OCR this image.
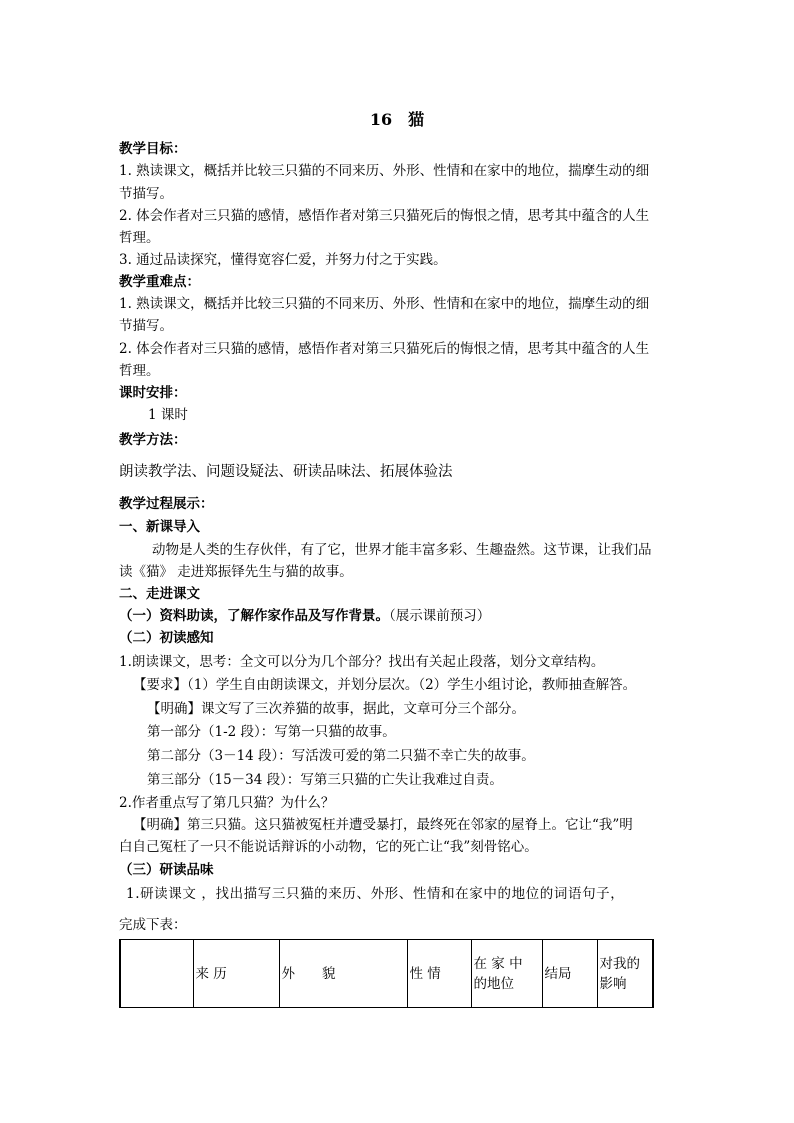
16 猫
教学目标：
1. 熟读课文，概括并比较三只猫的不同来历、外形、性情和在家中的地位，揣摩生动的细
节描写。
2. 体会作者对三只猫的感情，感悟作者对第三只猫死后的悔恨之情，思考其中蕴含的人生
哲理。
3. 通过品读探究，懂得宽容仁爱，并努力付之于实践。
教学重难点：
1. 熟读课文，概括并比较三只猫的不同来历、外形、性情和在家中的地位，揣摩生动的细
节描写。
2. 体会作者对三只猫的感情，感悟作者对第三只猫死后的悔恨之情，思考其中蕴含的人生
哲理。
课时安排：
1 课时
教学方法：
朗读教学法、问题设疑法、研读品味法、拓展体验法
教学过程展示：
一、新课导入
动物是人类的生存伙伴，有了它，世界才能丰富多彩、生趣盎然。这节课，让我们品
读《猫》 走进郑振铎先生与猫的故事。
二、走进课文
（一）资料助读，了解作家作品及写作背景。（展示课前预习）
（二）初读感知
1.朗读课文，思考：全文可以分为几个部分？找出有关起止段落，划分文章结构。
【要求】（1）学生自由朗读课文，并划分层次。（2）学生小组讨论，教师抽查解答。
【明确】课文写了三次养猫的故事，据此，文章可分三个部分。
第一部分（1-2 段）：写第一只猫的故事。
第二部分（3－14 段）：写活泼可爱的第二只猫不幸亡失的故事。
第三部分（15－34 段）：写第三只猫的亡失让我难过自责。
2.作者重点写了第几只猫？为什么？
【明确】第三只猫。这只猫被冤枉并遭受暴打，最终死在邻家的屋脊上。它让“我”明
白自己冤枉了一只不能说话辩诉的小动物，它的死亡让“我”刻骨铭心。
（三）研读品味
1.研读课文 ，找出描写三只猫的来历、外形、性情和在家中的地位的词语句子，
完成下表：
	来 历	外　　貌	性 情	在 家 中 的地位	结局	对我的影响
